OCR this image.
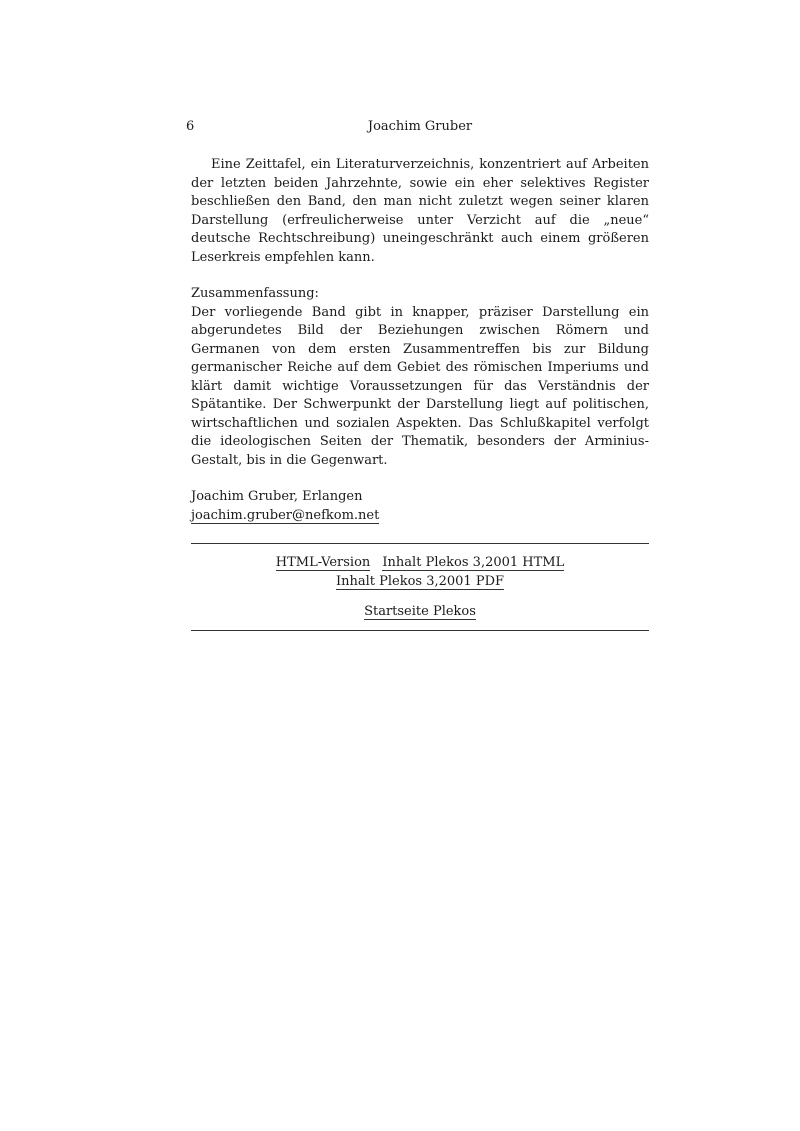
6	Joachim Gruber

Eine Zeittafel, ein Literaturverzeichnis, konzentriert auf Arbeiten der letzten beiden Jahrzehnte, sowie ein eher selektives Register beschließen den Band, den man nicht zuletzt wegen seiner klaren Darstellung (erfreulicherweise unter Verzicht auf die „neue“ deutsche Rechtschreibung) uneingeschränkt auch einem größeren Leserkreis empfehlen kann.

Zusammenfassung:

Der vorliegende Band gibt in knapper, präziser Darstellung ein abgerundetes Bild der Beziehungen zwischen Römern und Germanen von dem ersten Zusammentreffen bis zur Bildung germanischer Reiche auf dem Gebiet des römischen Imperiums und klärt damit wichtige Voraussetzungen für das Verständnis der Spätantike. Der Schwerpunkt der Darstellung liegt auf politischen, wirtschaftlichen und sozialen Aspekten. Das Schlußkapitel verfolgt die ideologischen Seiten der Thematik, besonders der Arminius-Gestalt, bis in die Gegenwart.

Joachim Gruber, Erlangen
joachim.gruber@nefkom.net
HTML-Version Inhalt Plekos 3,2001 HTML Inhalt Plekos 3,2001 PDF
Startseite Plekos
